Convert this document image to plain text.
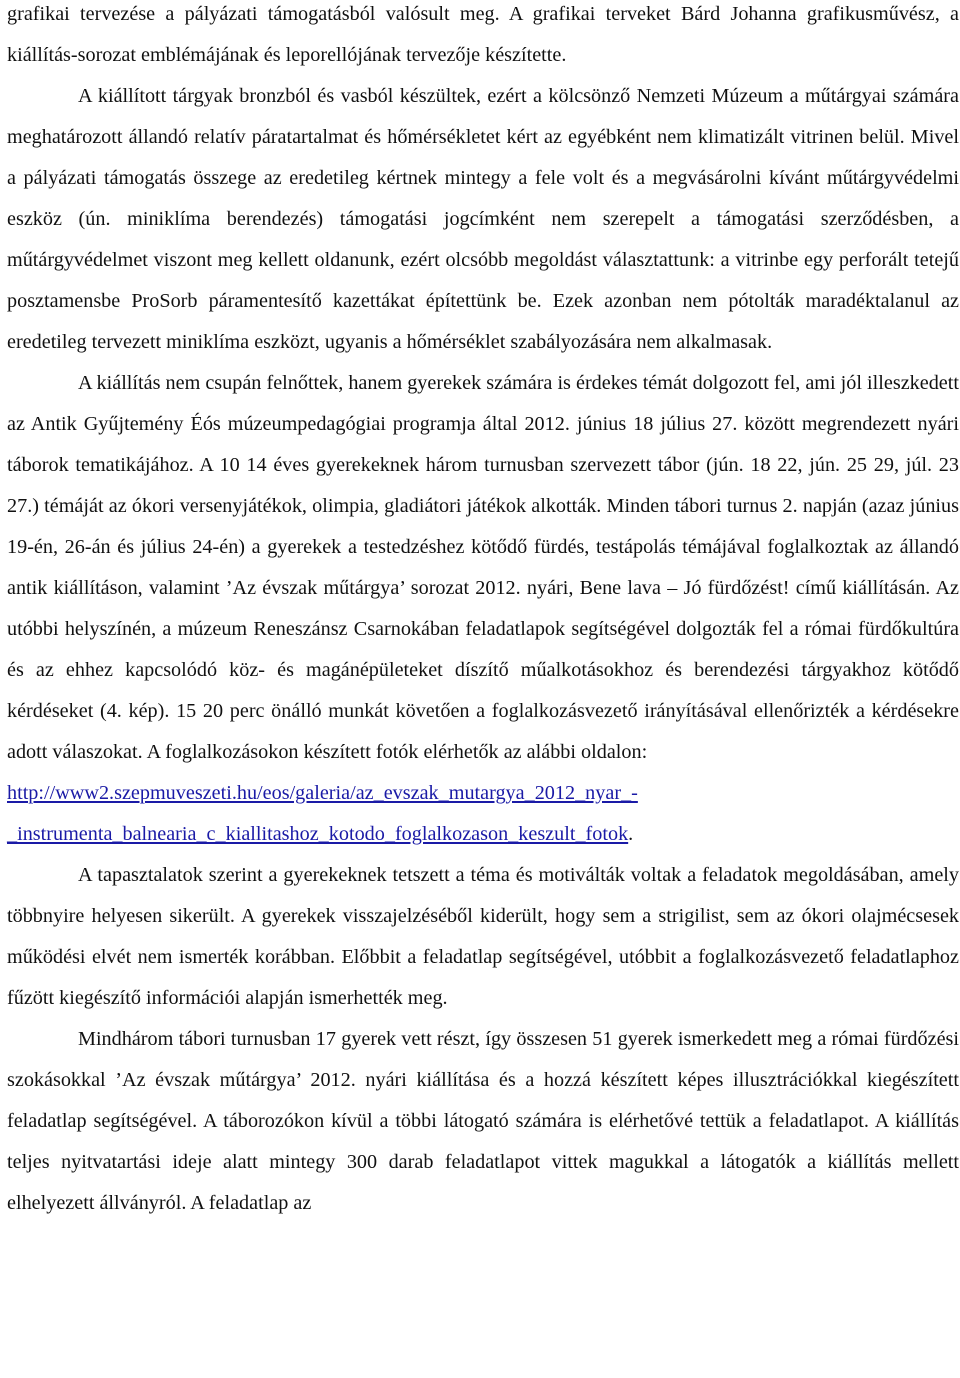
grafikai tervezése a pályázati támogatásból valósult meg. A grafikai terveket Bárd Johanna grafikusművész, a kiállítás-sorozat emblémájának és leporellójának tervezője készítette.

A kiállított tárgyak bronzból és vasból készültek, ezért a kölcsönző Nemzeti Múzeum a műtárgyai számára meghatározott állandó relatív páratartalmat és hőmérsékletet kért az egyébként nem klimatizált vitrinen belül. Mivel a pályázati támogatás összege az eredetileg kértnek mintegy a fele volt és a megvásárolni kívánt műtárgyvédelmi eszköz (ún. miniklíma berendezés) támogatási jogcímként nem szerepelt a támogatási szerződésben, a műtárgyvédelmet viszont meg kellett oldanunk, ezért olcsóbb megoldást választattunk: a vitrinbe egy perforált tetejű posztamensbe ProSorb páramentesítő kazettákat építettünk be. Ezek azonban nem pótolták maradéktalanul az eredetileg tervezett miniklíma eszközt, ugyanis a hőmérséklet szabályozására nem alkalmasak.

A kiállítás nem csupán felnőttek, hanem gyerekek számára is érdekes témát dolgozott fel, ami jól illeszkedett az Antik Gyűjtemény Éós múzeumpedagógiai programja által 2012. június 18 július 27. között megrendezett nyári táborok tematikájához. A 10 14 éves gyerekeknek három turnusban szervezett tábor (jún. 18 22, jún. 25 29, júl. 23 27.) témáját az ókori versenyjátékok, olimpia, gladiátori játékok alkották. Minden tábori turnus 2. napján (azaz június 19-én, 26-án és július 24-én) a gyerekek a testedzéshez kötődő fürdés, testápolás témájával foglalkoztak az állandó antik kiállításon, valamint ’Az évszak műtárgya’ sorozat 2012. nyári, Bene lava – Jó fürdőzést! című kiállításán. Az utóbbi helyszínén, a múzeum Reneszánsz Csarnokában feladatlapok segítségével dolgozták fel a római fürdőkultúra és az ehhez kapcsolódó köz- és magánépületeket díszítő műalkotásokhoz és berendezési tárgyakhoz kötődő kérdéseket (4. kép). 15 20 perc önálló munkát követően a foglalkozásvezető irányításával ellenőrizték a kérdésekre adott válaszokat. A foglalkozásokon készített fotók elérhetők az alábbi oldalon:
http://www2.szepmuveszeti.hu/eos/galeria/az_evszak_mutargya_2012_nyar_-
_instrumenta_balnearia_c_kiallitashoz_kotodo_foglalkozason_keszult_fotok.

A tapasztalatok szerint a gyerekeknek tetszett a téma és motiválták voltak a feladatok megoldásában, amely többnyire helyesen sikerült. A gyerekek visszajelzéséből kiderült, hogy sem a strigilist, sem az ókori olajmécsesek működési elvét nem ismerték korábban. Előbbit a feladatlap segítségével, utóbbit a foglalkozásvezető feladatlaphoz fűzött kiegészítő információi alapján ismerhették meg.

Mindhárom tábori turnusban 17 gyerek vett részt, így összesen 51 gyerek ismerkedett meg a római fürdőzési szokásokkal ’Az évszak műtárgya’ 2012. nyári kiállítása és a hozzá készített képes illusztrációkkal kiegészített feladatlap segítségével. A táborozókon kívül a többi látogató számára is elérhetővé tettük a feladatlapot. A kiállítás teljes nyitvatartási ideje alatt mintegy 300 darab feladatlapot vittek magukkal a látogatók a kiállítás mellett elhelyezett állványról. A feladatlap az
